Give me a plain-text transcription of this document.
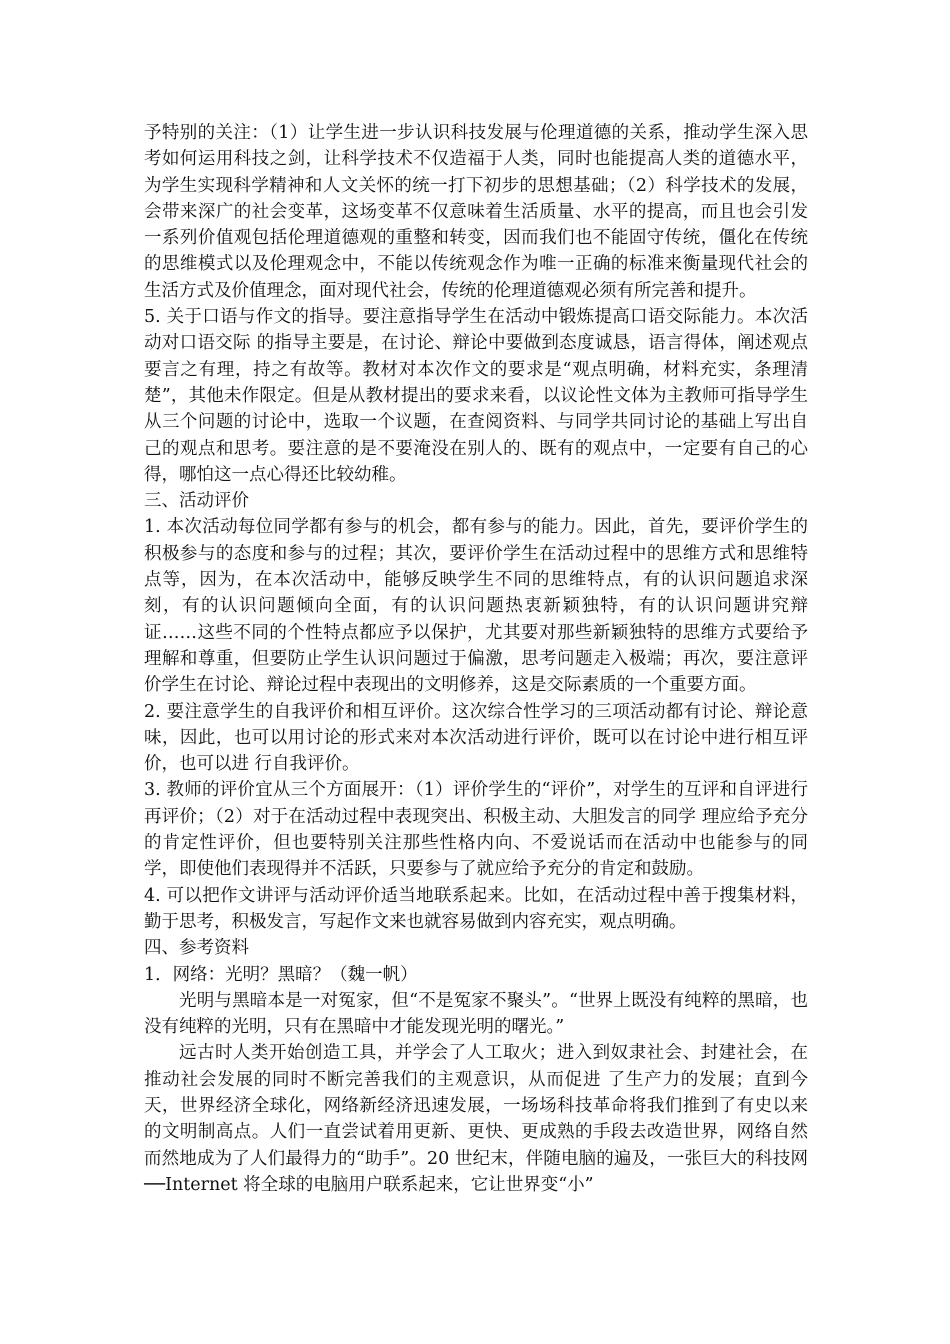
予特别的关注：（1）让学生进一步认识科技发展与伦理道德的关系，推动学生深入思考如何运用科技之剑，让科学技术不仅造福于人类，同时也能提高人类的道德水平，为学生实现科学精神和人文关怀的统一打下初步的思想基础；（2）科学技术的发展，会带来深广的社会变革，这场变革不仅意味着生活质量、水平的提高，而且也会引发一系列价值观包括伦理道德观的重整和转变，因而我们也不能固守传统，僵化在传统的思维模式以及伦理观念中，不能以传统观念作为唯一正确的标准来衡量现代社会的生活方式及价值理念，面对现代社会，传统的伦理道德观必须有所完善和提升。

5. 关于口语与作文的指导。要注意指导学生在活动中锻炼提高口语交际能力。本次活动对口语交际 的指导主要是，在讨论、辩论中要做到态度诚恳，语言得体，阐述观点要言之有理，持之有故等。教材对本次作文的要求是“观点明确，材料充实，条理清楚”，其他未作限定。但是从教材提出的要求来看，以议论性文体为主教师可指导学生从三个问题的讨论中，选取一个议题，在查阅资料、与同学共同讨论的基础上写出自己的观点和思考。要注意的是不要淹没在别人的、既有的观点中，一定要有自己的心得，哪怕这一点心得还比较幼稚。

三、活动评价

1. 本次活动每位同学都有参与的机会，都有参与的能力。因此，首先，要评价学生的积极参与的态度和参与的过程；其次，要评价学生在活动过程中的思维方式和思维特点等，因为，在本次活动中，能够反映学生不同的思维特点，有的认识问题追求深刻，有的认识问题倾向全面，有的认识问题热衷新颖独特，有的认识问题讲究辩证……这些不同的个性特点都应予以保护，尤其要对那些新颖独特的思维方式要给予理解和尊重，但要防止学生认识问题过于偏激，思考问题走入极端；再次，要注意评价学生在讨论、辩论过程中表现出的文明修养，这是交际素质的一个重要方面。

2. 要注意学生的自我评价和相互评价。这次综合性学习的三项活动都有讨论、辩论意味，因此，也可以用讨论的形式来对本次活动进行评价，既可以在讨论中进行相互评价，也可以进 行自我评价。

3. 教师的评价宜从三个方面展开：（1）评价学生的“评价”，对学生的互评和自评进行再评价；（2）对于在活动过程中表现突出、积极主动、大胆发言的同学 理应给予充分的肯定性评价，但也要特别关注那些性格内向、不爱说话而在活动中也能参与的同学，即使他们表现得并不活跃，只要参与了就应给予充分的肯定和鼓励。

4. 可以把作文讲评与活动评价适当地联系起来。比如，在活动过程中善于搜集材料，勤于思考，积极发言，写起作文来也就容易做到内容充实，观点明确。

四、参考资料

1．网络：光明？黑暗？（魏一帆）

光明与黑暗本是一对冤家，但“不是冤家不聚头”。“世界上既没有纯粹的黑暗，也没有纯粹的光明，只有在黑暗中才能发现光明的曙光。”

远古时人类开始创造工具，并学会了人工取火；进入到奴隶社会、封建社会，在推动社会发展的同时不断完善我们的主观意识，从而促进 了生产力的发展；直到今天，世界经济全球化，网络新经济迅速发展，一场场科技革命将我们推到了有史以来的文明制高点。人们一直尝试着用更新、更快、更成熟的手段去改造世界，网络自然而然地成为了人们最得力的“助手”。20 世纪末，伴随电脑的遍及，一张巨大的科技网──Internet 将全球的电脑用户联系起来，它让世界变“小”
